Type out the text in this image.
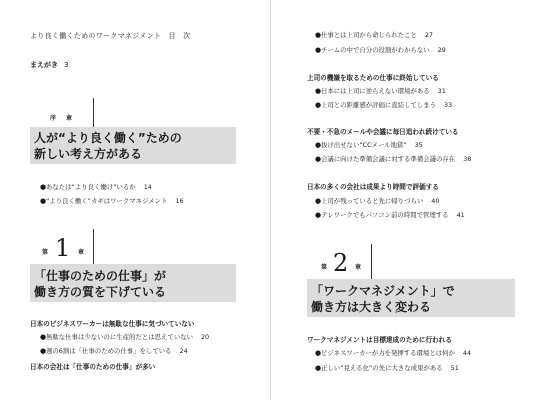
より良く働くためのワークマネジメント　目　次
まえがき 3
序章
人が“より良く働く”ための
新しい考え方がある
●あなたは“より良く働け”いるか 14
●“より良く働く”カギはワークマネジメント 16
第 1 章
「仕事のための仕事」が
働き方の質を下げている
日本のビジネスワーカーは無駄な仕事に気づいていない
●無駄な仕事は少ないのに生産的だとは思えていない 20
●週の6割は「仕事のための仕事」をしている 24
日本の会社は「仕事のための仕事」が多い
●仕事とは上司から命じられたこと 27
●チームの中で自分の役割がわからない 29
上司の機嫌を取るための仕事に終始している
●日本には上司に逆らえない環境がある 31
●上司との距離感が評価に直結してしまう 33
不要・不急のメールや会議に毎日追われ続けている
●抜け出せない“CCメール地獄” 35
●会議に向けた準備会議に対する準備会議の存在 38
日本の多くの会社は成果より時間で評価する
●上司が残っていると先に帰りづらい 40
●テレワークでもパソコン前の時間で管理する 41
第 2 章
「ワークマネジメント」で
働き方は大きく変わる
ワークマネジメントは目標達成のために行われる
●ビジネスワーカーが力を発揮する環境とは何か 44
●正しい“見える化”の先に大きな成果がある 51
